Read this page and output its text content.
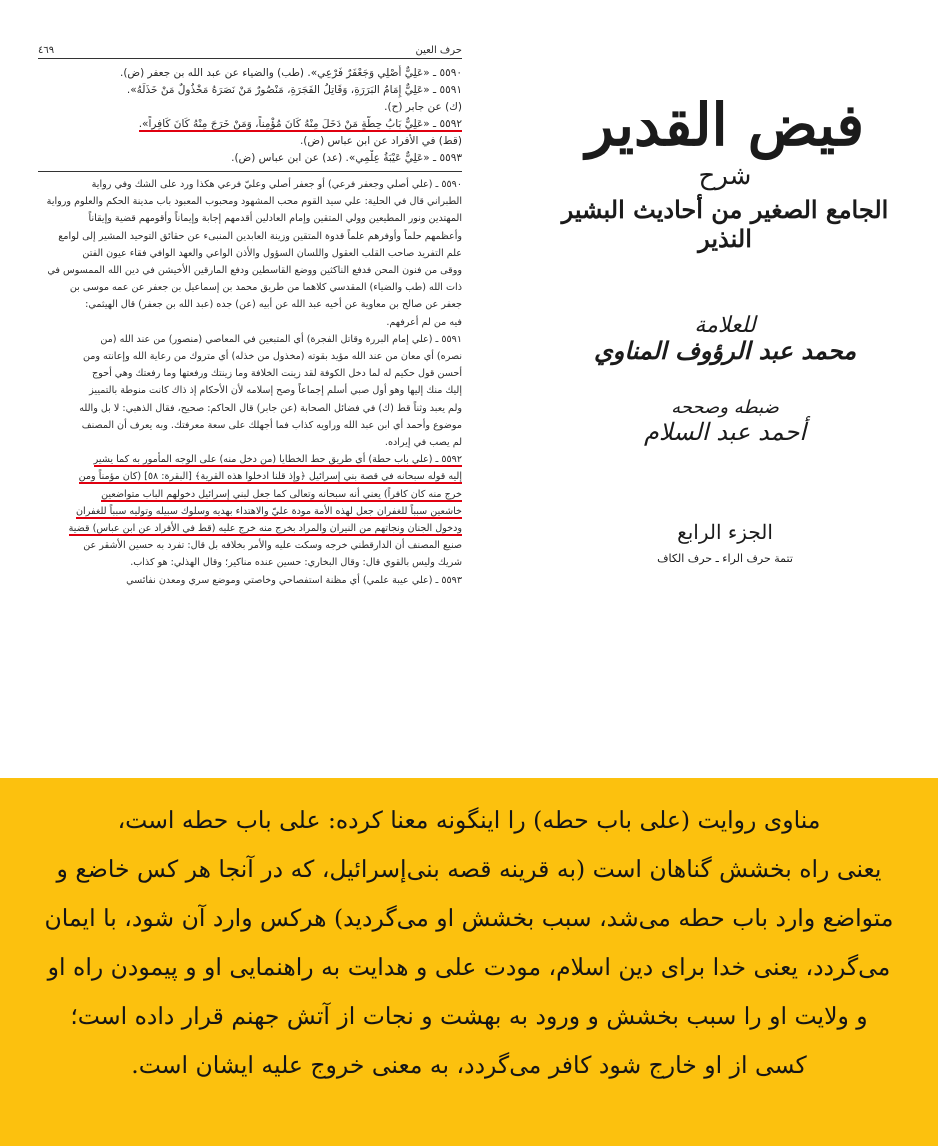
حرف العين
٤٦٩

٥٥٩٠ ـ «عَلِيٌّ أَصْلِي وَجَعْفَرٌ فَرْعِي». (طب) والضياء عن عبد الله بن جعفر (ض).

٥٥٩١ ـ «عَلِيٌّ إِمَامُ البَرَرَةِ، وَقَاتِلُ الفَجَرَةِ، مَنْصُورٌ مَنْ نَصَرَهُ مَخْذُولٌ مَنْ خَذَلَهُ».

(ك) عن جابر (ح).

٥٥٩٢ ـ «عَلِيٌّ بَابُ حِطَّةٍ مَنْ دَخَلَ مِنْهُ كَانَ مُؤْمِناً، وَمَنْ خَرَجَ مِنْهُ كَانَ كَافِراً».

(قط) في الأفراد عن ابن عباس (ض).

٥٥٩٣ ـ «عَلِيٌّ عَيْبَةُ عِلْمِي». (عد) عن ابن عباس (ض).

٥٥٩٠ ـ (علي أصلي وجعفر فرعي) أو جعفر أصلي وعليّ فرعي هكذا ورد على الشك وفي رواية

الطبراني قال في الحلية: علي سيد القوم محب المشهود ومحبوب المعبود باب مدينة الحكم والعلوم ورواية

المهتدين ونور المطيعين وولي المتقين وإمام العادلين أقدمهم إجابة وإيماناً وأقومهم قضية وإيقاناً

وأعظمهم حلماً وأوفرهم علماً قدوة المتقين وزينة العابدين المنبىء عن حقائق التوحيد المشير إلى لوامع

علم التفريد صاحب القلب العقول واللسان السؤول والأذن الواعي والعهد الوافي فقاء عيون الفتن

ووقى من فنون المحن فدفع الناكثين ووضع القاسطين ودفع المارقين الأخيشن في دين الله الممسوس في

ذات الله (طب والضياء) المقدسي كلاهما من طريق محمد بن إسماعيل بن جعفر عن عمه موسى بن

جعفر عن صالح بن معاوية عن أخيه عبد الله عن أبيه (عن) جده (عبد الله بن جعفر) قال الهيثمي:

فيه من لم أعرفهم.

٥٥٩١ ـ (علي إمام البررة وقاتل الفجرة) أي المتبعين في المعاصي (منصور) من عند الله (من

نصره) أي معان من عند الله مؤيد بقوته (مخذول من خذله) أي متروك من رعاية الله وإعانته ومن

أحسن قول حكيم له لما دخل الكوفة لقد زينت الخلافة وما زينتك ورفعتها وما رفعتك وهي أحوج

إليك منك إليها وهو أول صبي أسلم إجماعاً وصح إسلامه لأن الأحكام إذ ذاك كانت منوطة بالتمييز

ولم يعبد وثناً قط (ك) في فضائل الصحابة (عن جابر) قال الحاكم: صحيح، فقال الذهبي: لا بل والله

موضوع وأحمد أي ابن عبد الله وراويه كذاب فما أجهلك على سعة معرفتك. وبه يعرف أن المصنف

لم يصب في إيراده.

٥٥٩٢ ـ (علي باب حطة) أي طريق حط الخطايا (من دخل منه) على الوجه المأمور به كما يشير

إليه قوله سبحانه في قصة بني إسرائيل ﴿وإذ قلنا ادخلوا هذه القرية﴾ [البقرة: ٥٨] (كان مؤمناً ومن

خرج منه كان كافراً) يعني أنه سبحانه وتعالى كما جعل لبني إسرائيل دخولهم الباب متواضعين

خاشعين سبباً للغفران جعل لهذه الأمة مودة عليّ والاهتداء بهديه وسلوك سبيله وتوليه سبباً للغفران

ودخول الجنان ونجاتهم من النيران والمراد بخرج منه خرج عليه (قط في الأفراد عن ابن عباس) قضية

صنيع المصنف أن الدارقطني خرجه وسكت عليه والأمر بخلافه بل قال: تفرد به حسين الأشقر عن

شريك وليس بالقوي قال: وقال البخاري: حسين عنده مناكير؛ وقال الهذلي: هو كذاب.

٥٥٩٣ ـ (علي عيبة علمي) أي مظنة استفصاحي وخاصتي وموضع سري ومعدن نفائسي

فيض القدير
شرح
الجامع الصغير من أحاديث البشير النذير
للعلامة
محمد عبد الرؤوف المناوي
ضبطه وصححه
أحمد عبد السلام
الجزء الرابع
تتمة حرف الراء ـ حرف الكاف

مناوی روایت (علی باب حطه) را اینگونه معنا کرده: علی باب حطه است،

یعنی راه بخشش گناهان است (به قرینه قصه بنی‌إسرائیل، که در آنجا هر کس خاضع و

متواضع وارد باب حطه می‌شد، سبب بخشش او می‌گردید) هرکس وارد آن شود، با ایمان

می‌گردد، یعنی خدا برای دین اسلام، مودت علی و هدایت به راهنمایی او و پیمودن راه او

و ولایت او را سبب بخشش و ورود به بهشت و نجات از آتش جهنم قرار داده است؛

کسی از او خارج شود کافر می‌گردد، به معنی خروج علیه ایشان است.
